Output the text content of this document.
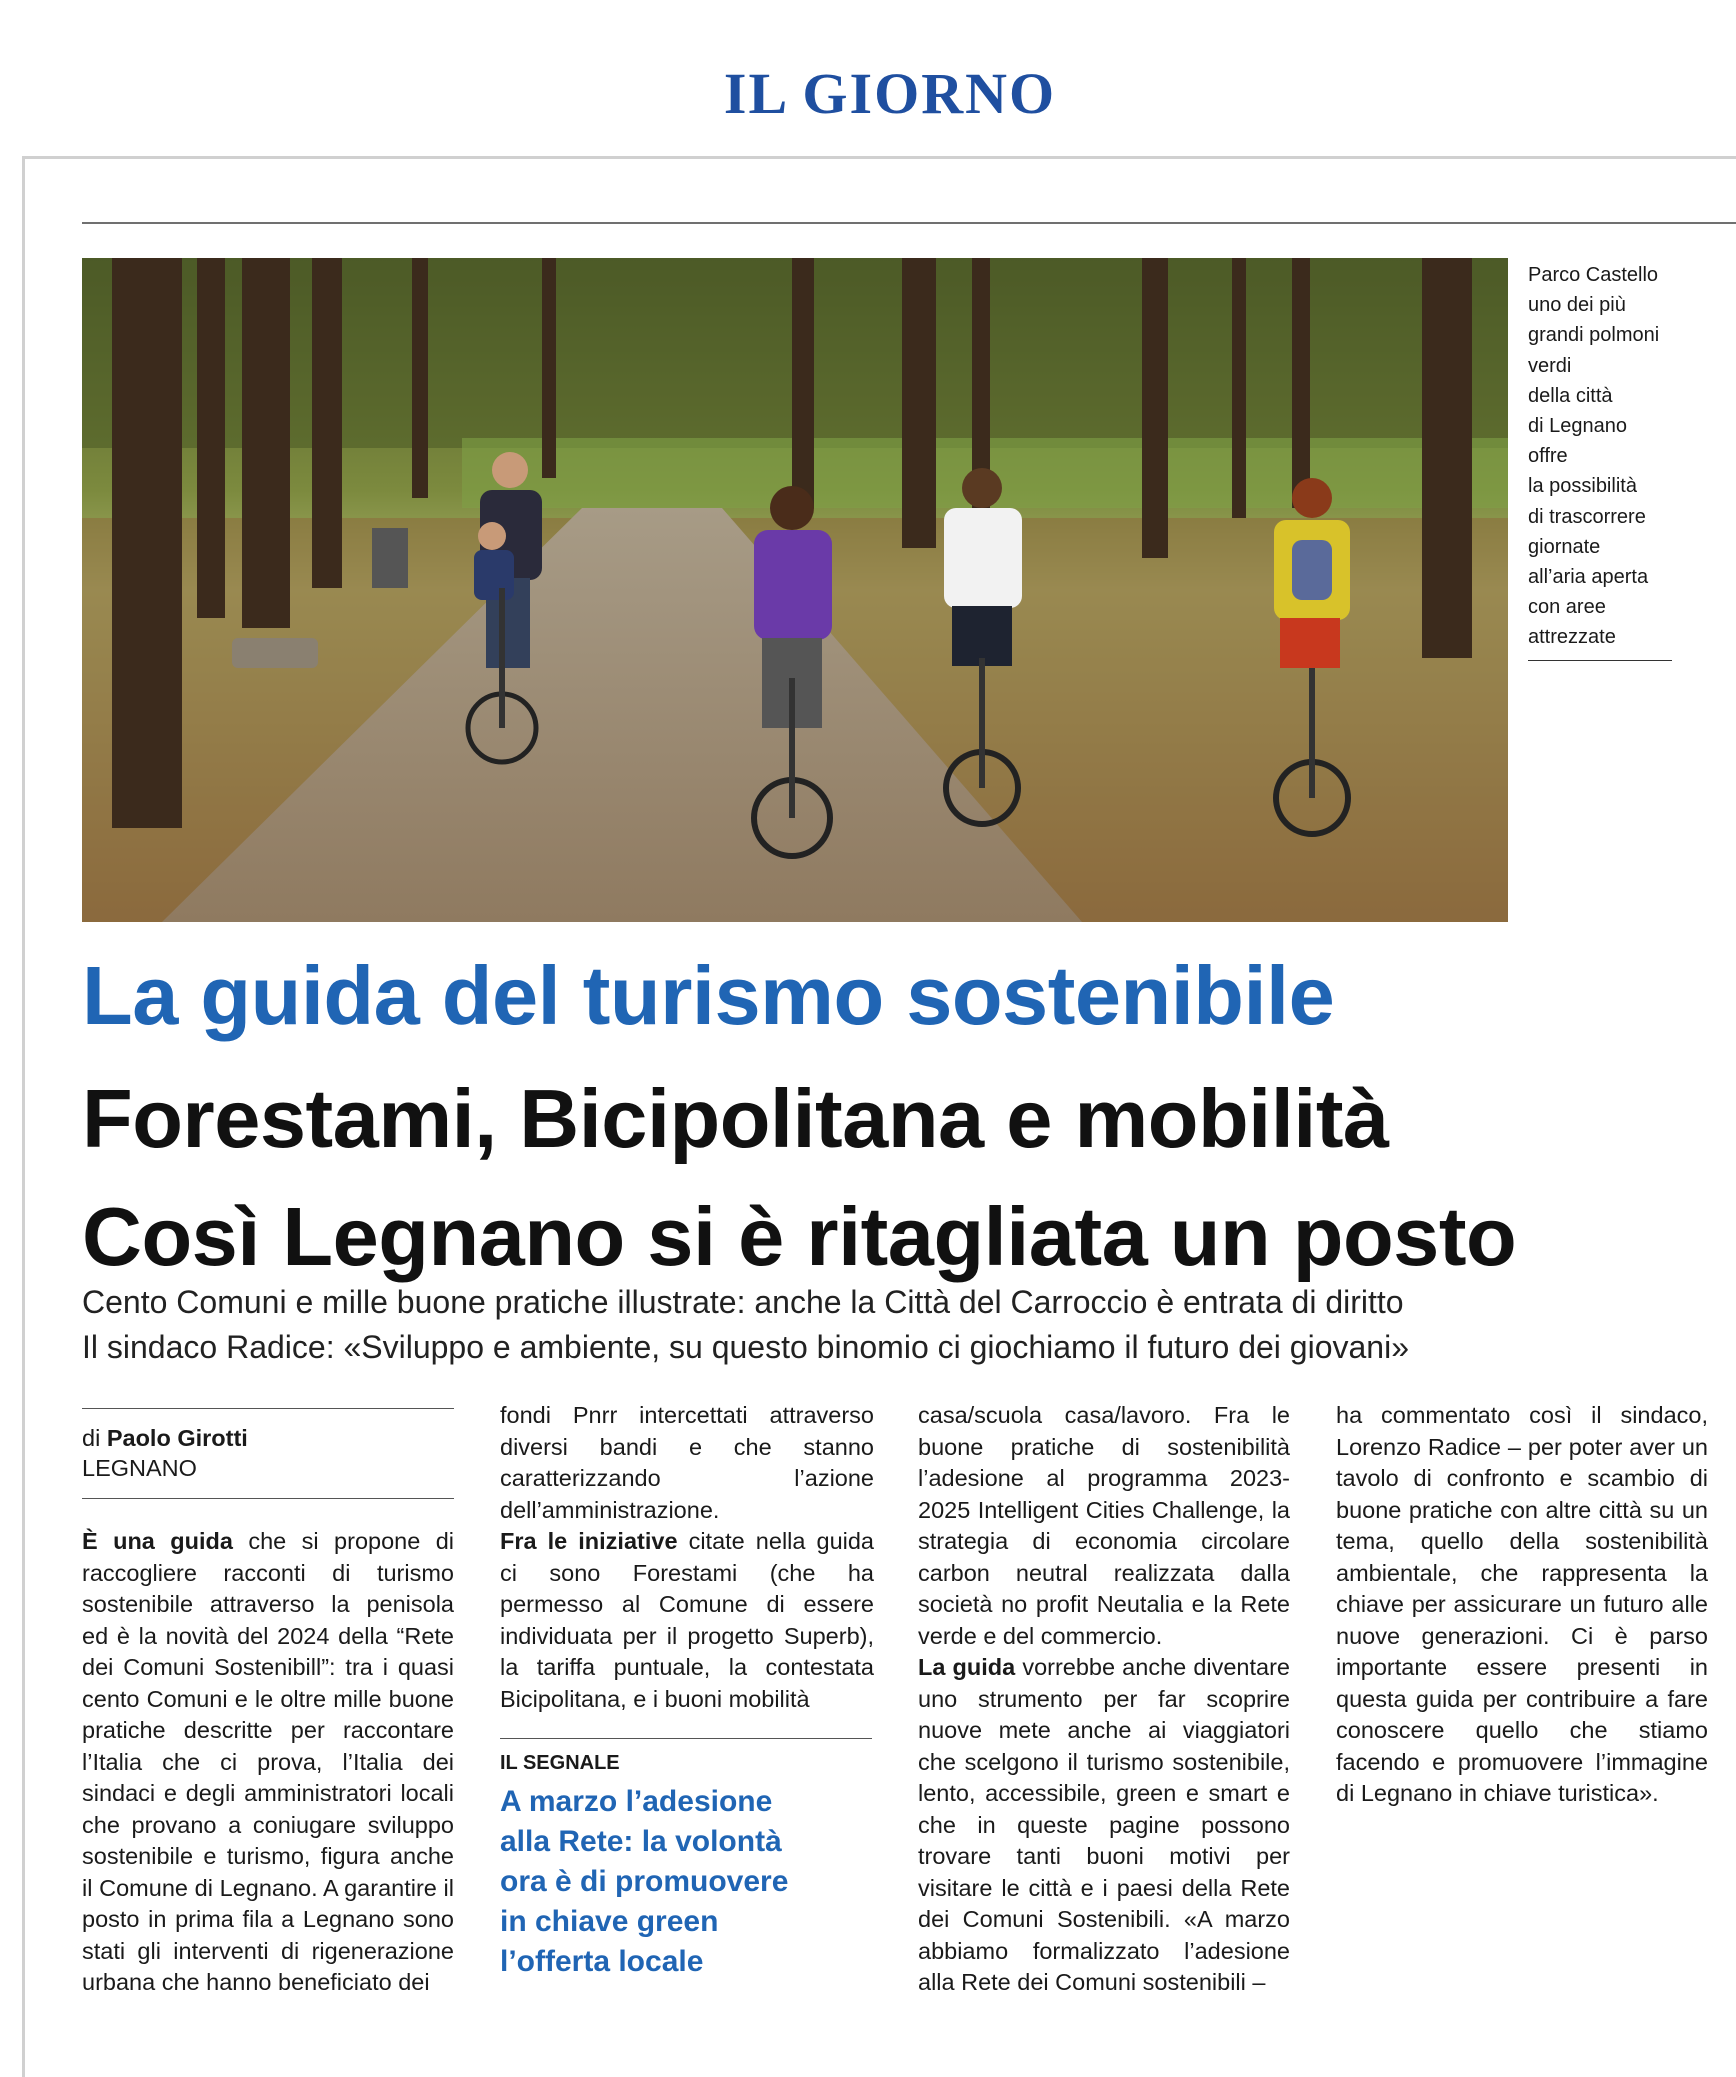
IL GIORNO
Parco Castello
uno dei più
grandi polmoni
verdi
della città
di Legnano
offre
la possibilità
di trascorrere
giornate
all’aria aperta
con aree
attrezzate
La guida del turismo sostenibile
Forestami, Bicipolitana e mobilità
Così Legnano si è ritagliata un posto
Cento Comuni e mille buone pratiche illustrate: anche la Città del Carroccio è entrata di diritto
Il sindaco Radice: «Sviluppo e ambiente, su questo binomio ci giochiamo il futuro dei giovani»
di Paolo Girotti
LEGNANO

È una guida che si propone di raccogliere racconti di turismo sostenibile attraverso la penisola ed è la novità del 2024 della “Rete dei Comuni Sostenibill”: tra i quasi cento Comuni e le oltre mille buone pratiche descritte per raccontare l’Italia che ci prova, l’Italia dei sindaci e degli amministratori locali che provano a coniugare sviluppo sostenibile e turismo, figura anche il Comune di Legnano. A garantire il posto in prima fila a Legnano sono stati gli interventi di rigenerazione urbana che hanno beneficiato dei

fondi Pnrr intercettati attraverso diversi bandi e che stanno caratterizzando l’azione dell’amministrazione.

Fra le iniziative citate nella guida ci sono Forestami (che ha permesso al Comune di essere individuata per il progetto Superb), la tariffa puntuale, la contestata Bicipolitana, e i buoni mobilità

casa/scuola casa/lavoro. Fra le buone pratiche di sostenibilità l’adesione al programma 2023-2025 Intelligent Cities Challenge, la strategia di economia circolare carbon neutral realizzata dalla società no profit Neutalia e la Rete verde e del commercio.

La guida vorrebbe anche diventare uno strumento per far scoprire nuove mete anche ai viaggiatori che scelgono il turismo sostenibile, lento, accessibile, green e smart e che in queste pagine possono trovare tanti buoni motivi per visitare le città e i paesi della Rete dei Comuni Sostenibili. «A marzo abbiamo formalizzato l’adesione alla Rete dei Comuni sostenibili –

ha commentato così il sindaco, Lorenzo Radice – per poter aver un tavolo di confronto e scambio di buone pratiche con altre città su un tema, quello della sostenibilità ambientale, che rappresenta la chiave per assicurare un futuro alle nuove generazioni. Ci è parso importante essere presenti in questa guida per contribuire a fare conoscere quello che stiamo facendo e promuovere l’immagine di Legnano in chiave turistica».

IL SEGNALE
A marzo l’adesione
alla Rete: la volontà
ora è di promuovere
in chiave green
l’offerta locale
